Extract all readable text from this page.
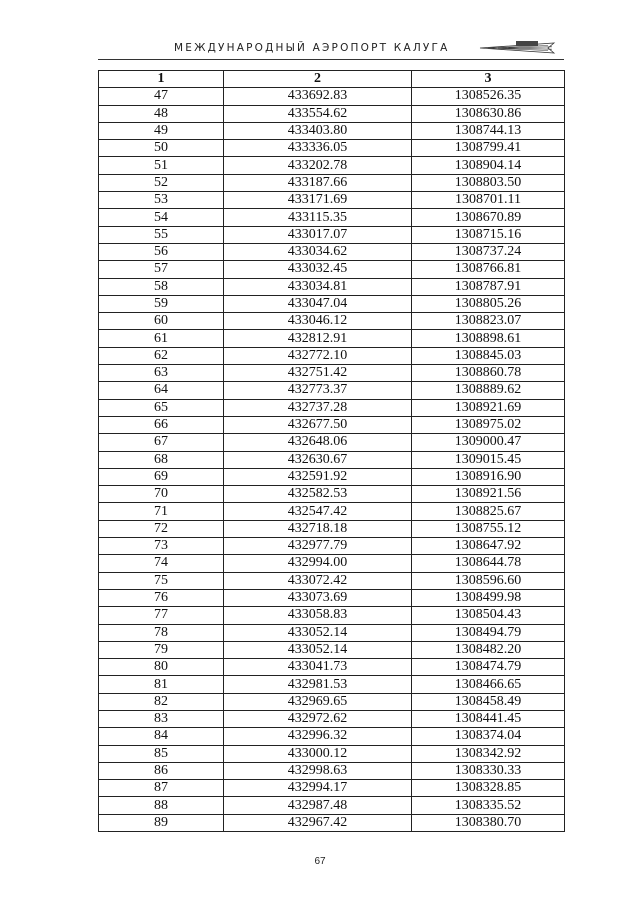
МЕЖДУНАРОДНЫЙ АЭРОПОРТ КАЛУГА
1	2	3
47	433692.83	1308526.35
48	433554.62	1308630.86
49	433403.80	1308744.13
50	433336.05	1308799.41
51	433202.78	1308904.14
52	433187.66	1308803.50
53	433171.69	1308701.11
54	433115.35	1308670.89
55	433017.07	1308715.16
56	433034.62	1308737.24
57	433032.45	1308766.81
58	433034.81	1308787.91
59	433047.04	1308805.26
60	433046.12	1308823.07
61	432812.91	1308898.61
62	432772.10	1308845.03
63	432751.42	1308860.78
64	432773.37	1308889.62
65	432737.28	1308921.69
66	432677.50	1308975.02
67	432648.06	1309000.47
68	432630.67	1309015.45
69	432591.92	1308916.90
70	432582.53	1308921.56
71	432547.42	1308825.67
72	432718.18	1308755.12
73	432977.79	1308647.92
74	432994.00	1308644.78
75	433072.42	1308596.60
76	433073.69	1308499.98
77	433058.83	1308504.43
78	433052.14	1308494.79
79	433052.14	1308482.20
80	433041.73	1308474.79
81	432981.53	1308466.65
82	432969.65	1308458.49
83	432972.62	1308441.45
84	432996.32	1308374.04
85	433000.12	1308342.92
86	432998.63	1308330.33
87	432994.17	1308328.85
88	432987.48	1308335.52
89	432967.42	1308380.70
67
